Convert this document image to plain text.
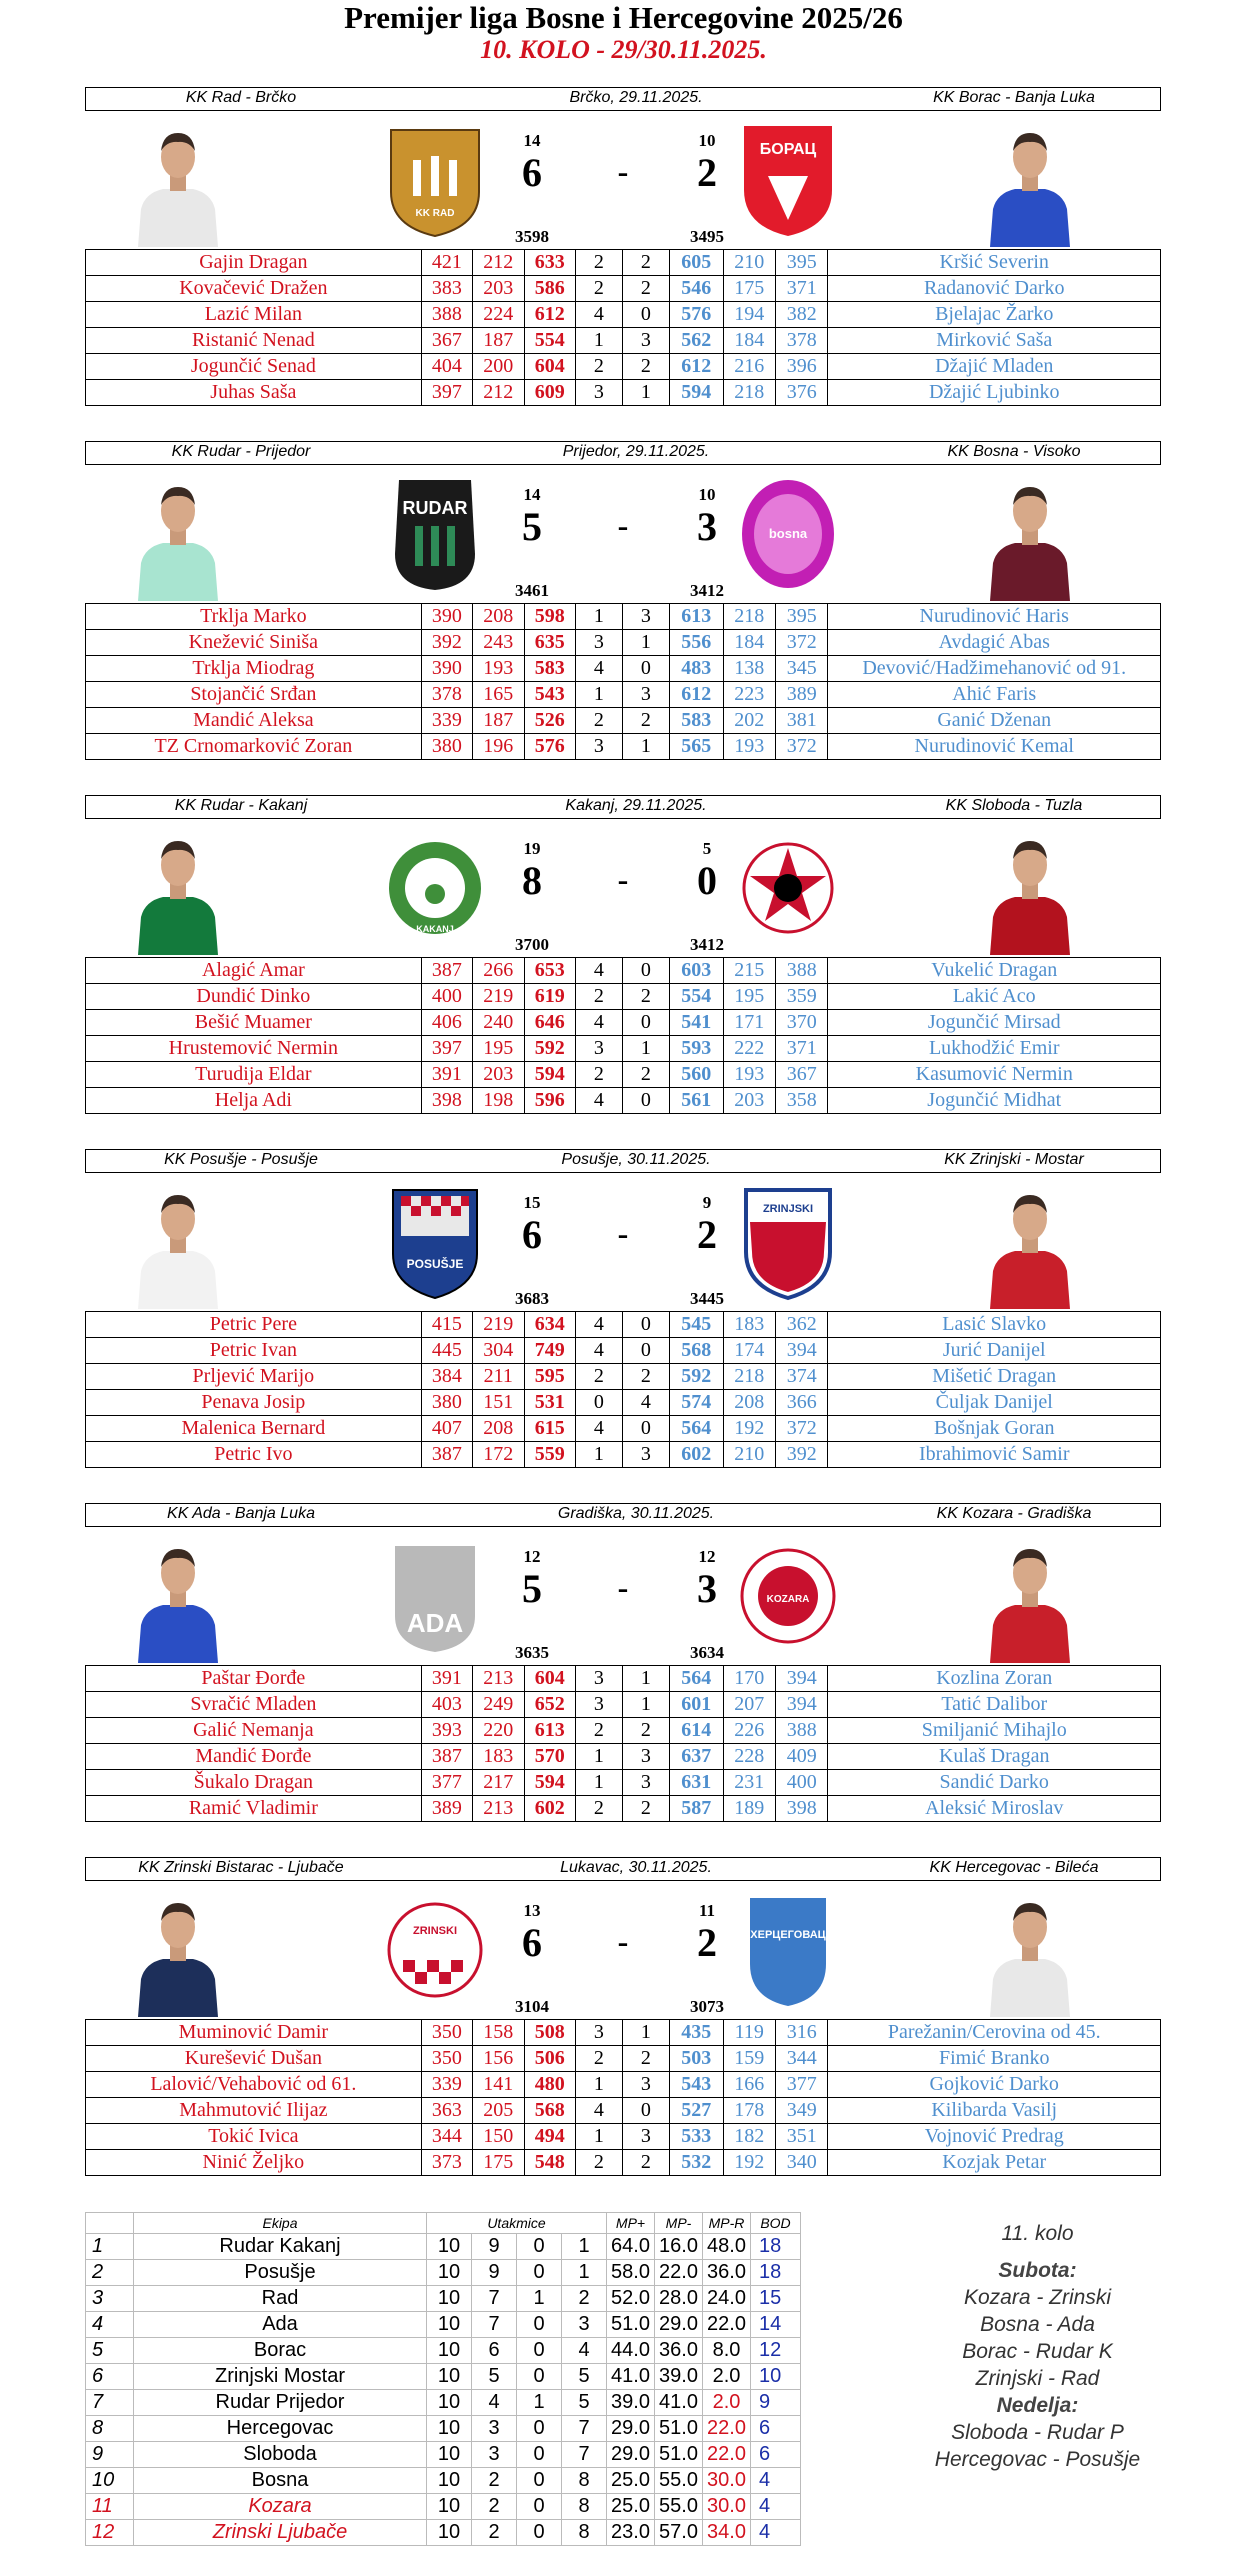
Premijer liga Bosne i Hercegovine 2025/26
10. KOLO - 29/30.11.2025.
KK Rad - Brčko	Brčko, 29.11.2025.	KK Borac - Banja Luka
KK RAD
14	10
6	-	2
3598	3495
БОРАЦ
Gajin Dragan	421	212	633	2	2	605	210	395	Kršić Severin
Kovačević Dražen	383	203	586	2	2	546	175	371	Radanović Darko
Lazić Milan	388	224	612	4	0	576	194	382	Bjelajac Žarko
Ristanić Nenad	367	187	554	1	3	562	184	378	Mirković Saša
Jogunčić Senad	404	200	604	2	2	612	216	396	Džajić Mladen
Juhas Saša	397	212	609	3	1	594	218	376	Džajić Ljubinko
KK Rudar - Prijedor	Prijedor, 29.11.2025.	KK Bosna - Visoko
RUDAR
14	10
5	-	3
3461	3412
bosna
Trklja Marko	390	208	598	1	3	613	218	395	Nurudinović Haris
Knežević Siniša	392	243	635	3	1	556	184	372	Avdagić Abas
Trklja Miodrag	390	193	583	4	0	483	138	345	Devović/Hadžimehanović od 91.
Stojančić Srđan	378	165	543	1	3	612	223	389	Ahić Faris
Mandić Aleksa	339	187	526	2	2	583	202	381	Ganić Dženan
TZ Crnomarković Zoran	380	196	576	3	1	565	193	372	Nurudinović Kemal
KK Rudar - Kakanj	Kakanj, 29.11.2025.	KK Sloboda - Tuzla
KAKANJ
19	5
8	-	0
3700	3412
Alagić Amar	387	266	653	4	0	603	215	388	Vukelić Dragan
Dundić Dinko	400	219	619	2	2	554	195	359	Lakić Aco
Bešić Muamer	406	240	646	4	0	541	171	370	Jogunčić Mirsad
Hrustemović Nermin	397	195	592	3	1	593	222	371	Lukhodžić Emir
Turudija Eldar	391	203	594	2	2	560	193	367	Kasumović Nermin
Helja Adi	398	198	596	4	0	561	203	358	Jogunčić Midhat
KK Posušje - Posušje	Posušje, 30.11.2025.	KK Zrinjski - Mostar
POSUŠJE
15	9
6	-	2
3683	3445
ZRINJSKI
Petric Pere	415	219	634	4	0	545	183	362	Lasić Slavko
Petric Ivan	445	304	749	4	0	568	174	394	Jurić Danijel
Prljević Marijo	384	211	595	2	2	592	218	374	Mišetić Dragan
Penava Josip	380	151	531	0	4	574	208	366	Čuljak Danijel
Malenica Bernard	407	208	615	4	0	564	192	372	Bošnjak Goran
Petric Ivo	387	172	559	1	3	602	210	392	Ibrahimović Samir
KK Ada - Banja Luka	Gradiška, 30.11.2025.	KK Kozara - Gradiška
ADA
12	12
5	-	3
3635	3634
KOZARA
Paštar Đorđe	391	213	604	3	1	564	170	394	Kozlina Zoran
Svračić Mladen	403	249	652	3	1	601	207	394	Tatić Dalibor
Galić Nemanja	393	220	613	2	2	614	226	388	Smiljanić Mihajlo
Mandić Đorđe	387	183	570	1	3	637	228	409	Kulaš Dragan
Šukalo Dragan	377	217	594	1	3	631	231	400	Sandić Darko
Ramić Vladimir	389	213	602	2	2	587	189	398	Aleksić Miroslav
KK Zrinski Bistarac - Ljubače	Lukavac, 30.11.2025.	KK Hercegovac - Bileća
ZRINSKI
13	11
6	-	2
3104	3073
ХЕРЦЕГОВАЦ
Muminović Damir	350	158	508	3	1	435	119	316	Parežanin/Cerovina od 45.
Kurešević Dušan	350	156	506	2	2	503	159	344	Fimić Branko
Lalović/Vehabović od 61.	339	141	480	1	3	543	166	377	Gojković Darko
Mahmutović Ilijaz	363	205	568	4	0	527	178	349	Kilibarda Vasilj
Tokić Ivica	344	150	494	1	3	533	182	351	Vojnović Predrag
Ninić Željko	373	175	548	2	2	532	192	340	Kozjak Petar
	Ekipa	Utakmice				MP+	MP-	MP-R	BOD
1	Rudar Kakanj	10	9	0	1	64.0	16.0	48.0	18
2	Posušje	10	9	0	1	58.0	22.0	36.0	18
3	Rad	10	7	1	2	52.0	28.0	24.0	15
4	Ada	10	7	0	3	51.0	29.0	22.0	14
5	Borac	10	6	0	4	44.0	36.0	8.0	12
6	Zrinjski Mostar	10	5	0	5	41.0	39.0	2.0	10
7	Rudar Prijedor	10	4	1	5	39.0	41.0	2.0	9
8	Hercegovac	10	3	0	7	29.0	51.0	22.0	6
9	Sloboda	10	3	0	7	29.0	51.0	22.0	6
10	Bosna	10	2	0	8	25.0	55.0	30.0	4
11	Kozara	10	2	0	8	25.0	55.0	30.0	4
12	Zrinski Ljubače	10	2	0	8	23.0	57.0	34.0	4
11. kolo
Subota:
Kozara - Zrinski
Bosna - Ada
Borac - Rudar K
Zrinjski - Rad
Nedelja:
Sloboda - Rudar P
Hercegovac - Posušje
